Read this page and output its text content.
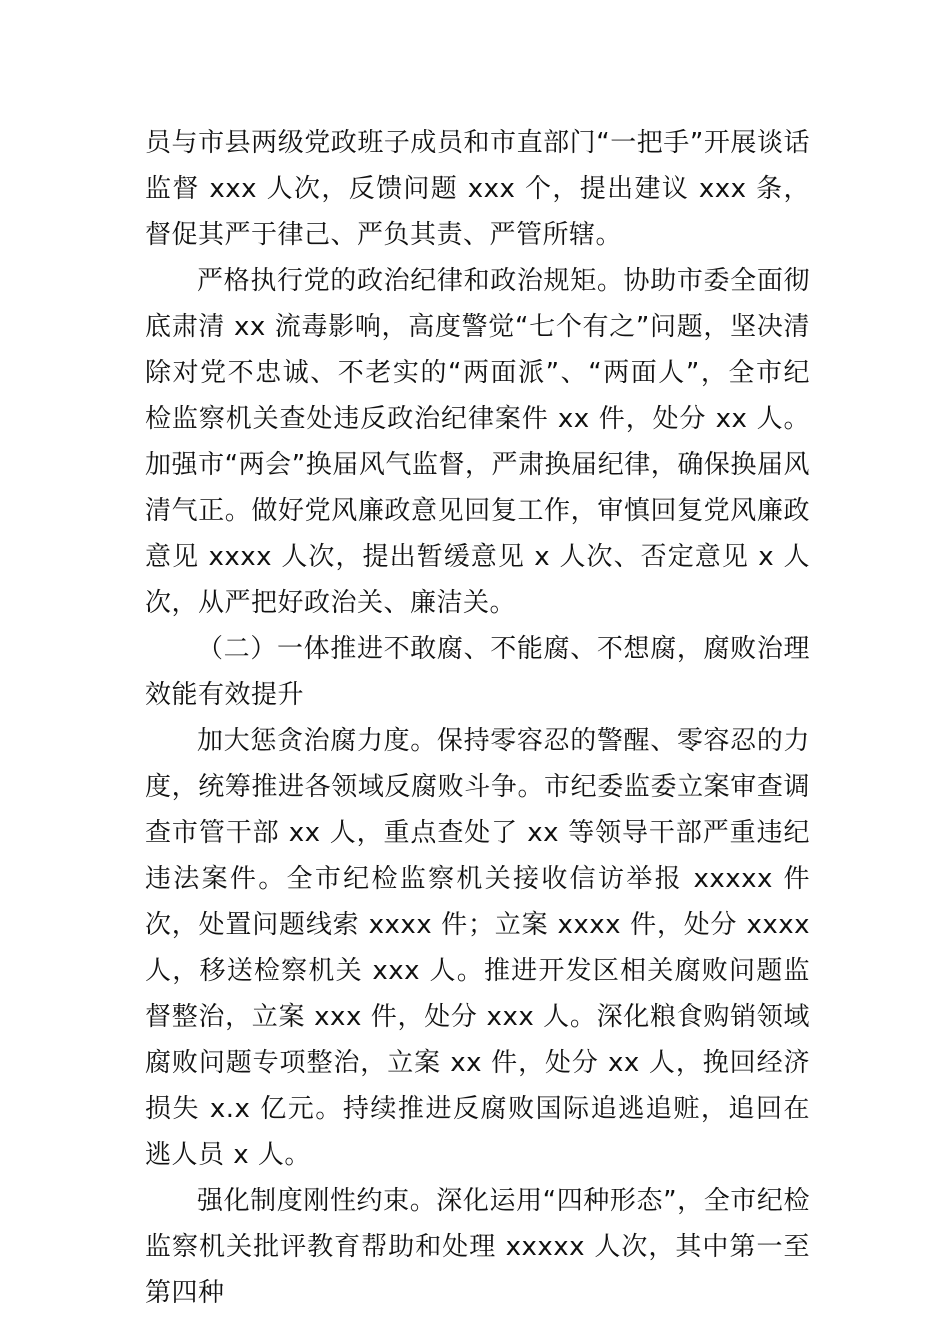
员与市县两级党政班子成员和市直部门“一把手”开展谈话监督 xxx 人次，反馈问题 xxx 个，提出建议 xxx 条，督促其严于律己、严负其责、严管所辖。

严格执行党的政治纪律和政治规矩。协助市委全面彻底肃清 xx 流毒影响，高度警觉“七个有之”问题，坚决清除对党不忠诚、不老实的“两面派”、“两面人”，全市纪检监察机关查处违反政治纪律案件 xx 件，处分 xx 人。加强市“两会”换届风气监督，严肃换届纪律，确保换届风清气正。做好党风廉政意见回复工作，审慎回复党风廉政意见 xxxx 人次，提出暂缓意见 x 人次、否定意见 x 人次，从严把好政治关、廉洁关。

（二）一体推进不敢腐、不能腐、不想腐，腐败治理效能有效提升

加大惩贪治腐力度。保持零容忍的警醒、零容忍的力度，统筹推进各领域反腐败斗争。市纪委监委立案审查调查市管干部 xx 人，重点查处了 xx 等领导干部严重违纪违法案件。全市纪检监察机关接收信访举报 xxxxx 件次，处置问题线索 xxxx 件；立案 xxxx 件，处分 xxxx 人，移送检察机关 xxx 人。推进开发区相关腐败问题监督整治，立案 xxx 件，处分 xxx 人。深化粮食购销领域腐败问题专项整治，立案 xx 件，处分 xx 人，挽回经济损失 x.x 亿元。持续推进反腐败国际追逃追赃，追回在逃人员 x 人。

强化制度刚性约束。深化运用“四种形态”，全市纪检监察机关批评教育帮助和处理 xxxxx 人次，其中第一至第四种
